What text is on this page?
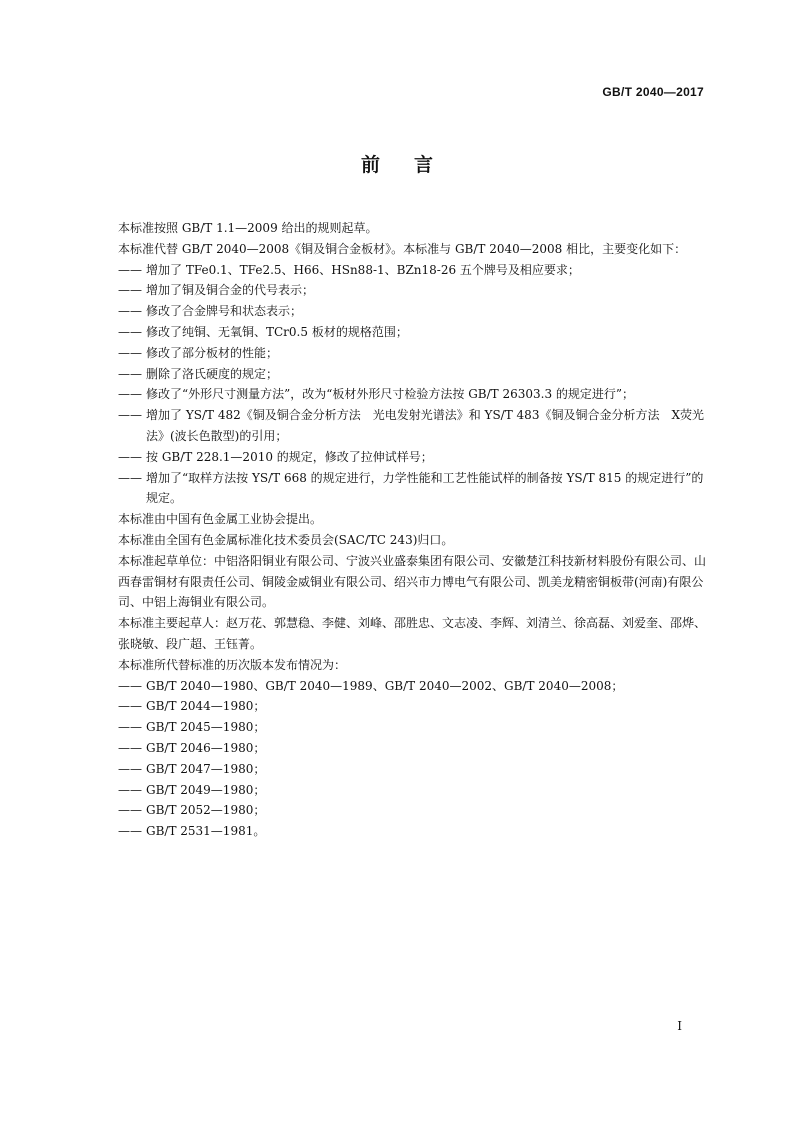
GB/T 2040—2017
前言

本标准按照 GB/T 1.1—2009 给出的规则起草。

本标准代替 GB/T 2040—2008《铜及铜合金板材》。本标准与 GB/T 2040—2008 相比，主要变化如下：

—— 增加了 TFe0.1、TFe2.5、H66、HSn88-1、BZn18-26 五个牌号及相应要求；

—— 增加了铜及铜合金的代号表示；

—— 修改了合金牌号和状态表示；

—— 修改了纯铜、无氧铜、TCr0.5 板材的规格范围；

—— 修改了部分板材的性能；

—— 删除了洛氏硬度的规定；

—— 修改了“外形尺寸测量方法”，改为“板材外形尺寸检验方法按 GB/T 26303.3 的规定进行”；

—— 增加了 YS/T 482《铜及铜合金分析方法　光电发射光谱法》和 YS/T 483《铜及铜合金分析方法　X荧光法》(波长色散型)的引用；

—— 按 GB/T 228.1—2010 的规定，修改了拉伸试样号；

—— 增加了“取样方法按 YS/T 668 的规定进行，力学性能和工艺性能试样的制备按 YS/T 815 的规定进行”的规定。

本标准由中国有色金属工业协会提出。

本标准由全国有色金属标准化技术委员会(SAC/TC 243)归口。

本标准起草单位：中铝洛阳铜业有限公司、宁波兴业盛泰集团有限公司、安徽楚江科技新材料股份有限公司、山西春雷铜材有限责任公司、铜陵金威铜业有限公司、绍兴市力博电气有限公司、凯美龙精密铜板带(河南)有限公司、中铝上海铜业有限公司。

本标准主要起草人：赵万花、郭慧稳、李健、刘峰、邵胜忠、文志凌、李辉、刘清兰、徐高磊、刘爱奎、邵烨、张晓敏、段广超、王钰菁。

本标准所代替标准的历次版本发布情况为：

—— GB/T 2040—1980、GB/T 2040—1989、GB/T 2040—2002、GB/T 2040—2008；

—— GB/T 2044—1980；

—— GB/T 2045—1980；

—— GB/T 2046—1980；

—— GB/T 2047—1980；

—— GB/T 2049—1980；

—— GB/T 2052—1980；

—— GB/T 2531—1981。

I
